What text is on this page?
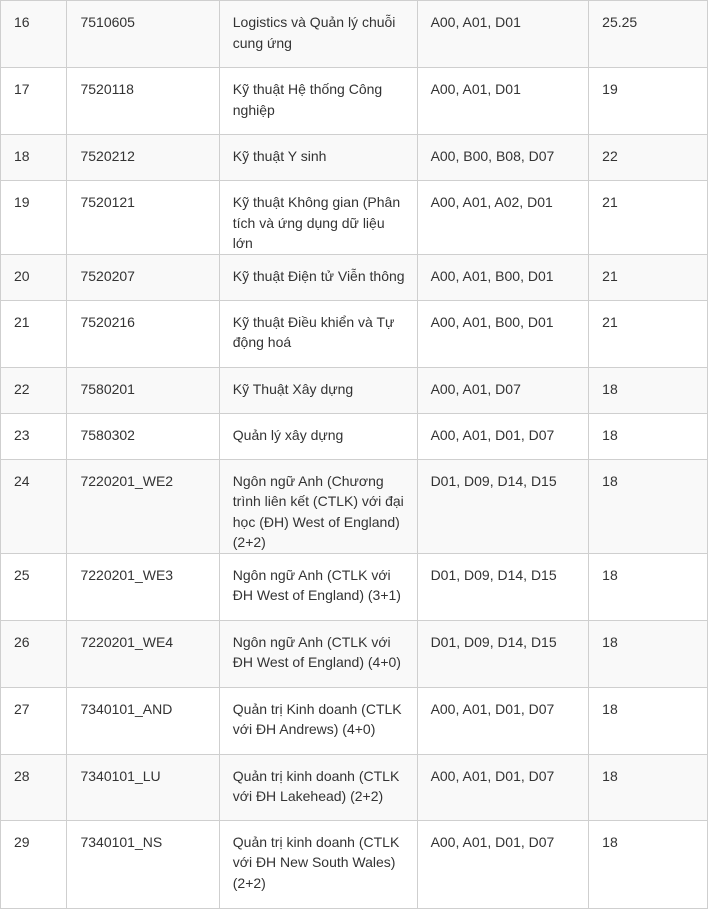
16	7510605	Logistics và Quản lý chuỗi cung ứng	A00, A01, D01	25.25
17	7520118	Kỹ thuật Hệ thống Công nghiệp	A00, A01, D01	19
18	7520212	Kỹ thuật Y sinh	A00, B00, B08, D07	22
19	7520121	Kỹ thuật Không gian (Phân tích và ứng dụng dữ liệu lớn	A00, A01, A02, D01	21
20	7520207	Kỹ thuật Điện tử Viễn thông	A00, A01, B00, D01	21
21	7520216	Kỹ thuật Điều khiển và Tự động hoá	A00, A01, B00, D01	21
22	7580201	Kỹ Thuật Xây dựng	A00, A01, D07	18
23	7580302	Quản lý xây dựng	A00, A01, D01, D07	18
24	7220201_WE2	Ngôn ngữ Anh (Chương trình liên kết (CTLK) với đại học (ĐH) West of England) (2+2)	D01, D09, D14, D15	18
25	7220201_WE3	Ngôn ngữ Anh (CTLK với ĐH West of England) (3+1)	D01, D09, D14, D15	18
26	7220201_WE4	Ngôn ngữ Anh (CTLK với ĐH West of England) (4+0)	D01, D09, D14, D15	18
27	7340101_AND	Quản trị Kinh doanh (CTLK với ĐH Andrews) (4+0)	A00, A01, D01, D07	18
28	7340101_LU	Quản trị kinh doanh (CTLK với ĐH Lakehead) (2+2)	A00, A01, D01, D07	18
29	7340101_NS	Quản trị kinh doanh (CTLK với ĐH New South Wales) (2+2)	A00, A01, D01, D07	18
